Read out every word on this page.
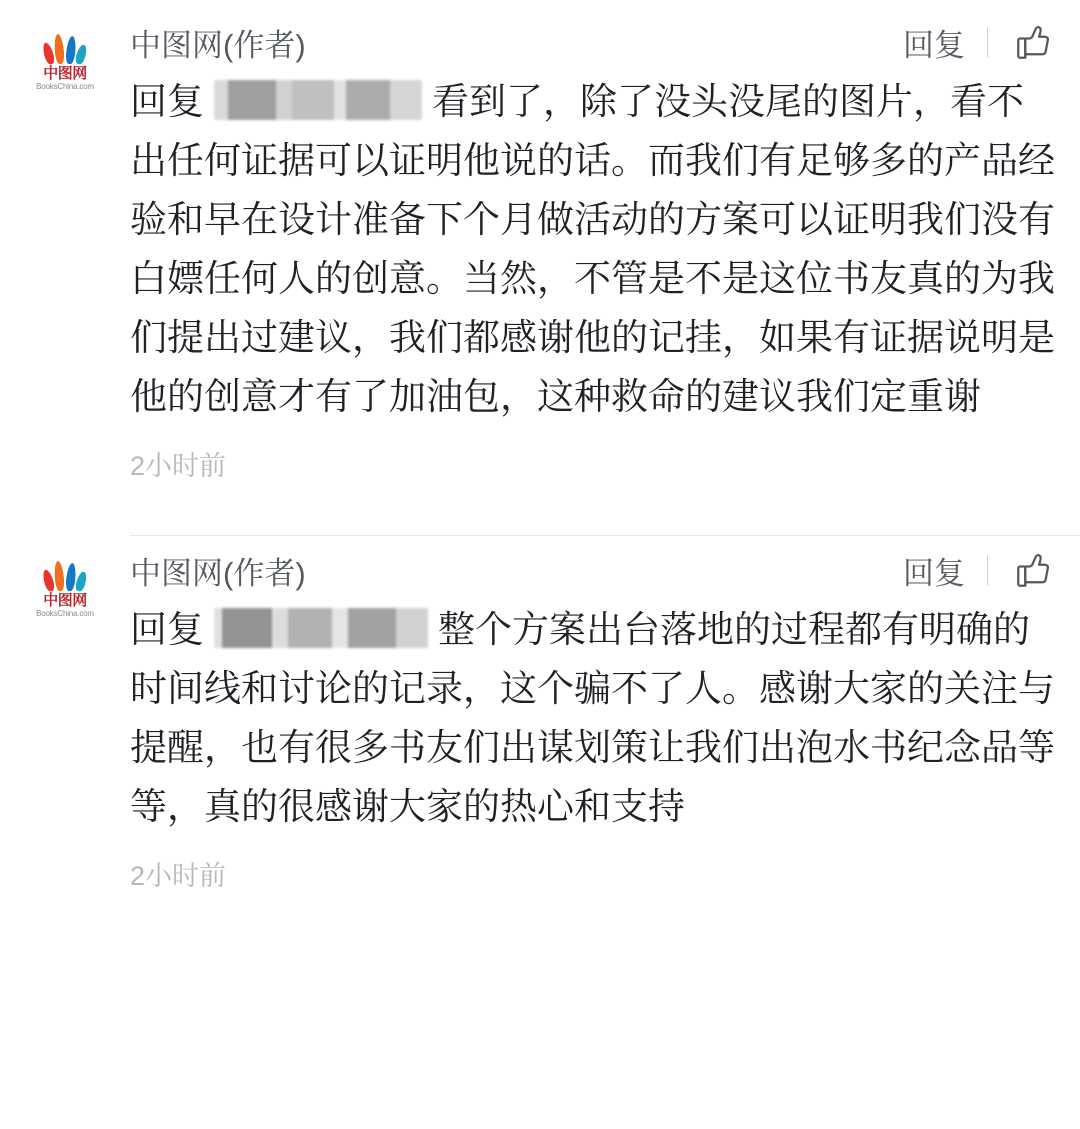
中图网
BooksChina.com
中图网 (作者)	回复
回复	看到了，除了没头没尾的图片，看不出任何证据可以证明他说的话。而我们有足够多的产品经验和早在设计准备下个月做活动的方案可以证明我们没有白嫖任何人的创意。当然，不管是不是这位书友真的为我们提出过建议，我们都感谢他的记挂，如果有证据说明是他的创意才有了加油包，这种救命的建议我们定重谢
2小时前
中图网
BooksChina.com
中图网 (作者)	回复
回复	整个方案出台落地的过程都有明确的时间线和讨论的记录，这个骗不了人。感谢大家的关注与提醒，也有很多书友们出谋划策让我们出泡水书纪念品等等，真的很感谢大家的热心和支持
2小时前
